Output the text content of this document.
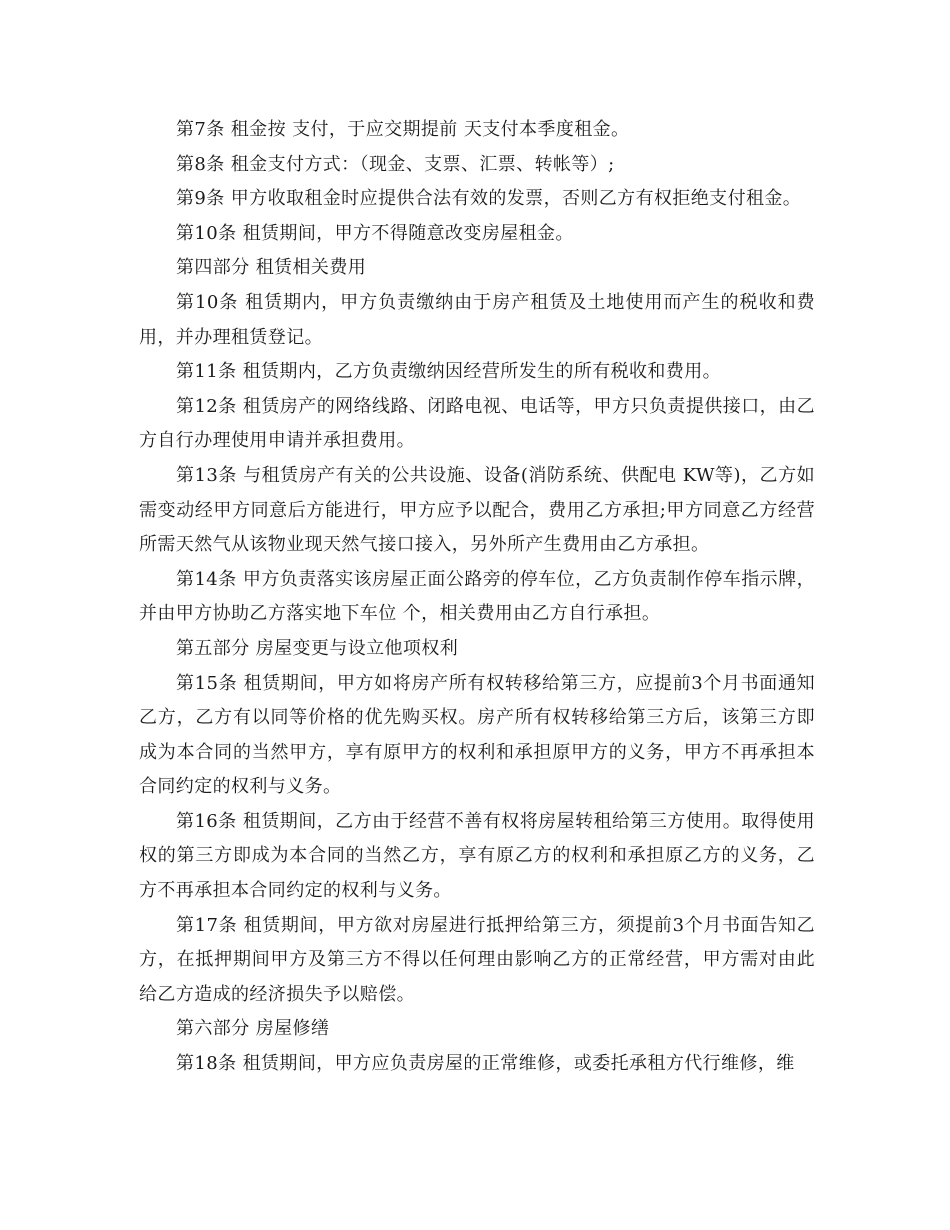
第7条 租金按 支付，于应交期提前 天支付本季度租金。

第8条 租金支付方式：（现金、支票、汇票、转帐等）;

第9条 甲方收取租金时应提供合法有效的发票，否则乙方有权拒绝支付租金。

第10条 租赁期间，甲方不得随意改变房屋租金。

第四部分 租赁相关费用

第10条 租赁期内，甲方负责缴纳由于房产租赁及土地使用而产生的税收和费用，并办理租赁登记。

第11条 租赁期内，乙方负责缴纳因经营所发生的所有税收和费用。

第12条 租赁房产的网络线路、闭路电视、电话等，甲方只负责提供接口，由乙方自行办理使用申请并承担费用。

第13条 与租赁房产有关的公共设施、设备(消防系统、供配电 KW等)，乙方如需变动经甲方同意后方能进行，甲方应予以配合，费用乙方承担;甲方同意乙方经营所需天然气从该物业现天然气接口接入，另外所产生费用由乙方承担。

第14条 甲方负责落实该房屋正面公路旁的停车位，乙方负责制作停车指示牌，并由甲方协助乙方落实地下车位 个，相关费用由乙方自行承担。

第五部分 房屋变更与设立他项权利

第15条 租赁期间，甲方如将房产所有权转移给第三方，应提前3个月书面通知乙方，乙方有以同等价格的优先购买权。房产所有权转移给第三方后，该第三方即成为本合同的当然甲方，享有原甲方的权利和承担原甲方的义务，甲方不再承担本合同约定的权利与义务。

第16条 租赁期间，乙方由于经营不善有权将房屋转租给第三方使用。取得使用权的第三方即成为本合同的当然乙方，享有原乙方的权利和承担原乙方的义务，乙方不再承担本合同约定的权利与义务。

第17条 租赁期间，甲方欲对房屋进行抵押给第三方，须提前3个月书面告知乙方，在抵押期间甲方及第三方不得以任何理由影响乙方的正常经营，甲方需对由此给乙方造成的经济损失予以赔偿。

第六部分 房屋修缮

第18条 租赁期间，甲方应负责房屋的正常维修，或委托承租方代行维修，维
